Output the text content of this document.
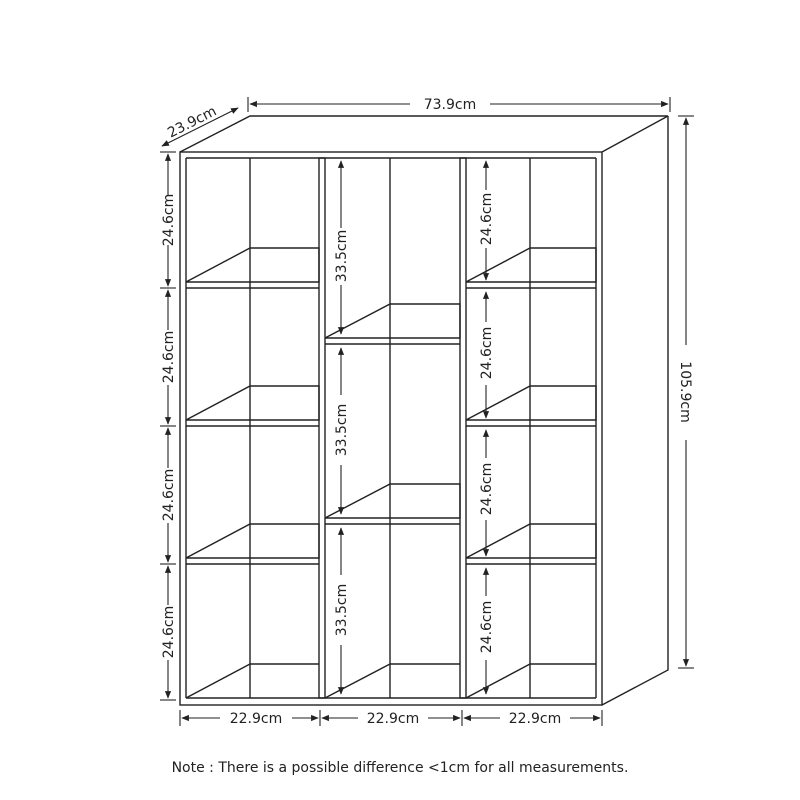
73.9cm
23.9cm
105.9cm
24.6cm
24.6cm
24.6cm
24.6cm
33.5cm
33.5cm
33.5cm
24.6cm
24.6cm
24.6cm
24.6cm
22.9cm	22.9cm	22.9cm
Note : There is a possible difference <1cm for all measurements.
